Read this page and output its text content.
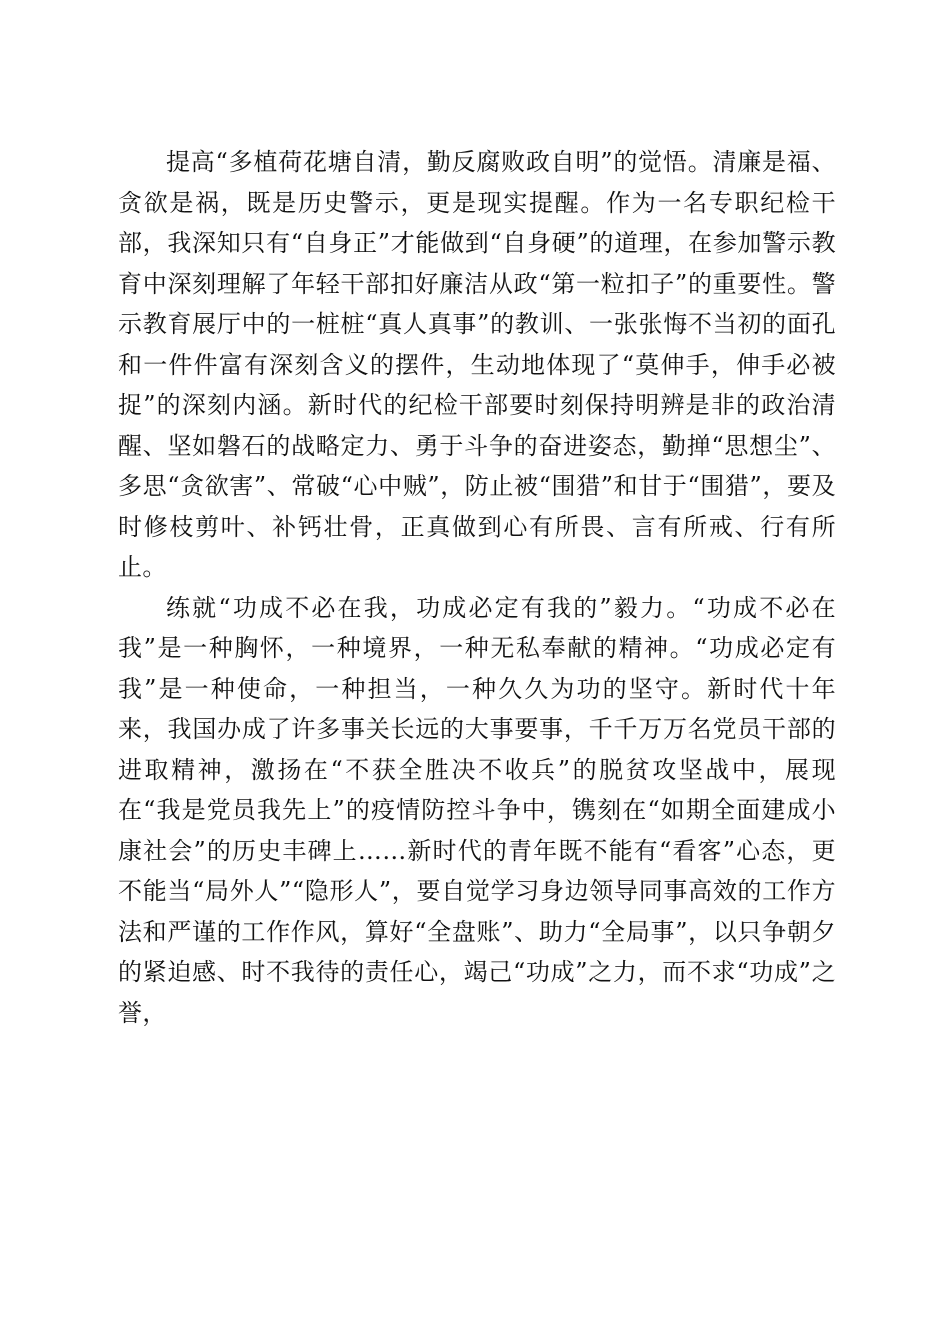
提高“多植荷花塘自清，勤反腐败政自明”的觉悟。清廉是福、贪欲是祸，既是历史警示，更是现实提醒。作为一名专职纪检干部，我深知只有“自身正”才能做到“自身硬”的道理，在参加警示教育中深刻理解了年轻干部扣好廉洁从政“第一粒扣子”的重要性。警示教育展厅中的一桩桩“真人真事”的教训、一张张悔不当初的面孔和一件件富有深刻含义的摆件，生动地体现了“莫伸手，伸手必被捉”的深刻内涵。新时代的纪检干部要时刻保持明辨是非的政治清醒、坚如磐石的战略定力、勇于斗争的奋进姿态，勤掸“思想尘”、多思“贪欲害”、常破“心中贼”，防止被“围猎”和甘于“围猎”，要及时修枝剪叶、补钙壮骨，正真做到心有所畏、言有所戒、行有所止。

练就“功成不必在我，功成必定有我的”毅力。“功成不必在我”是一种胸怀，一种境界，一种无私奉献的精神。“功成必定有我”是一种使命，一种担当，一种久久为功的坚守。新时代十年来，我国办成了许多事关长远的大事要事，千千万万名党员干部的进取精神，激扬在“不获全胜决不收兵”的脱贫攻坚战中，展现在“我是党员我先上”的疫情防控斗争中，镌刻在“如期全面建成小康社会”的历史丰碑上……新时代的青年既不能有“看客”心态，更不能当“局外人”“隐形人”，要自觉学习身边领导同事高效的工作方法和严谨的工作作风，算好“全盘账”、助力“全局事”，以只争朝夕的紧迫感、时不我待的责任心，竭己“功成”之力，而不求“功成”之誉，
